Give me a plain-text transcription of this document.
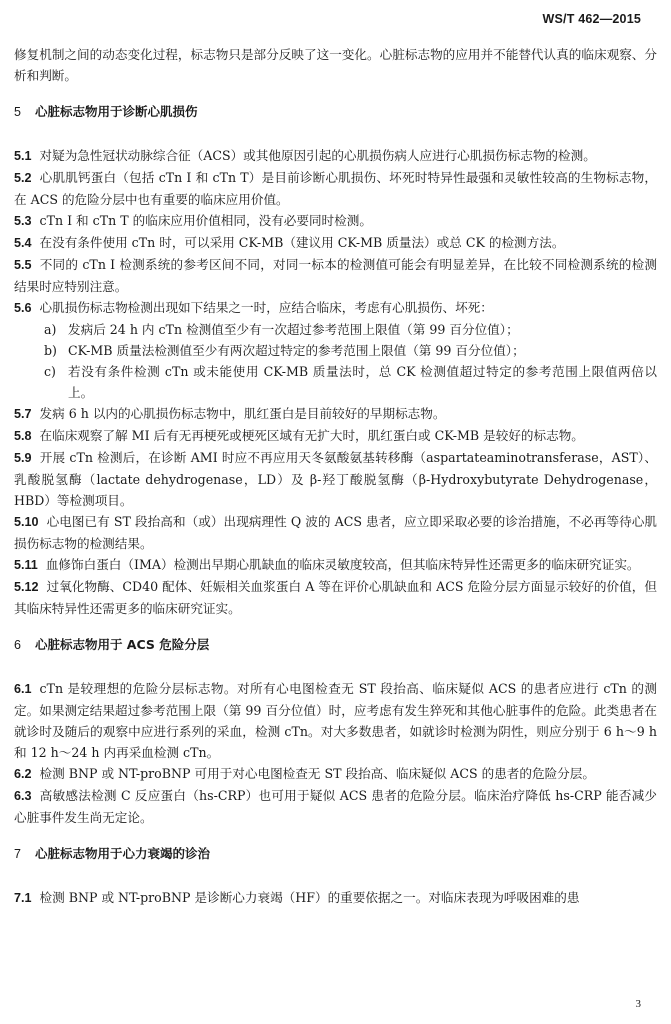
WS/T 462—2015

修复机制之间的动态变化过程，标志物只是部分反映了这一变化。心脏标志物的应用并不能替代认真的临床观察、分析和判断。

5 心脏标志物用于诊断心肌损伤

5.1 对疑为急性冠状动脉综合征（ACS）或其他原因引起的心肌损伤病人应进行心肌损伤标志物的检测。

5.2 心肌肌钙蛋白（包括 cTn I 和 cTn T）是目前诊断心肌损伤、坏死时特异性最强和灵敏性较高的生物标志物，在 ACS 的危险分层中也有重要的临床应用价值。

5.3 cTn I 和 cTn T 的临床应用价值相同，没有必要同时检测。

5.4 在没有条件使用 cTn 时，可以采用 CK-MB（建议用 CK-MB 质量法）或总 CK 的检测方法。

5.5 不同的 cTn I 检测系统的参考区间不同，对同一标本的检测值可能会有明显差异，在比较不同检测系统的检测结果时应特别注意。

5.6 心肌损伤标志物检测出现如下结果之一时，应结合临床，考虑有心肌损伤、坏死：

a) 发病后 24 h 内 cTn 检测值至少有一次超过参考范围上限值（第 99 百分位值）；
b) CK-MB 质量法检测值至少有两次超过特定的参考范围上限值（第 99 百分位值）；
c) 若没有条件检测 cTn 或未能使用 CK-MB 质量法时，总 CK 检测值超过特定的参考范围上限值两倍以上。

5.7 发病 6 h 以内的心肌损伤标志物中，肌红蛋白是目前较好的早期标志物。

5.8 在临床观察了解 MI 后有无再梗死或梗死区域有无扩大时，肌红蛋白或 CK-MB 是较好的标志物。

5.9 开展 cTn 检测后，在诊断 AMI 时应不再应用天冬氨酸氨基转移酶（aspartateaminotransferase，AST）、乳酸脱氢酶（lactate dehydrogenase，LD）及 β-羟丁酸脱氢酶（β-Hydroxybutyrate Dehydrogenase，HBD）等检测项目。

5.10 心电图已有 ST 段抬高和（或）出现病理性 Q 波的 ACS 患者，应立即采取必要的诊治措施，不必再等待心肌损伤标志物的检测结果。

5.11 血修饰白蛋白（IMA）检测出早期心肌缺血的临床灵敏度较高，但其临床特异性还需更多的临床研究证实。

5.12 过氧化物酶、CD40 配体、妊娠相关血浆蛋白 A 等在评价心肌缺血和 ACS 危险分层方面显示较好的价值，但其临床特异性还需更多的临床研究证实。

6 心脏标志物用于 ACS 危险分层

6.1 cTn 是较理想的危险分层标志物。对所有心电图检查无 ST 段抬高、临床疑似 ACS 的患者应进行 cTn 的测定。如果测定结果超过参考范围上限（第 99 百分位值）时，应考虑有发生猝死和其他心脏事件的危险。此类患者在就诊时及随后的观察中应进行系列的采血，检测 cTn。对大多数患者，如就诊时检测为阴性，则应分别于 6 h～9 h 和 12 h～24 h 内再采血检测 cTn。

6.2 检测 BNP 或 NT-proBNP 可用于对心电图检查无 ST 段抬高、临床疑似 ACS 的患者的危险分层。

6.3 高敏感法检测 C 反应蛋白（hs-CRP）也可用于疑似 ACS 患者的危险分层。临床治疗降低 hs-CRP 能否减少心脏事件发生尚无定论。

7 心脏标志物用于心力衰竭的诊治

7.1 检测 BNP 或 NT-proBNP 是诊断心力衰竭（HF）的重要依据之一。对临床表现为呼吸困难的患

3
